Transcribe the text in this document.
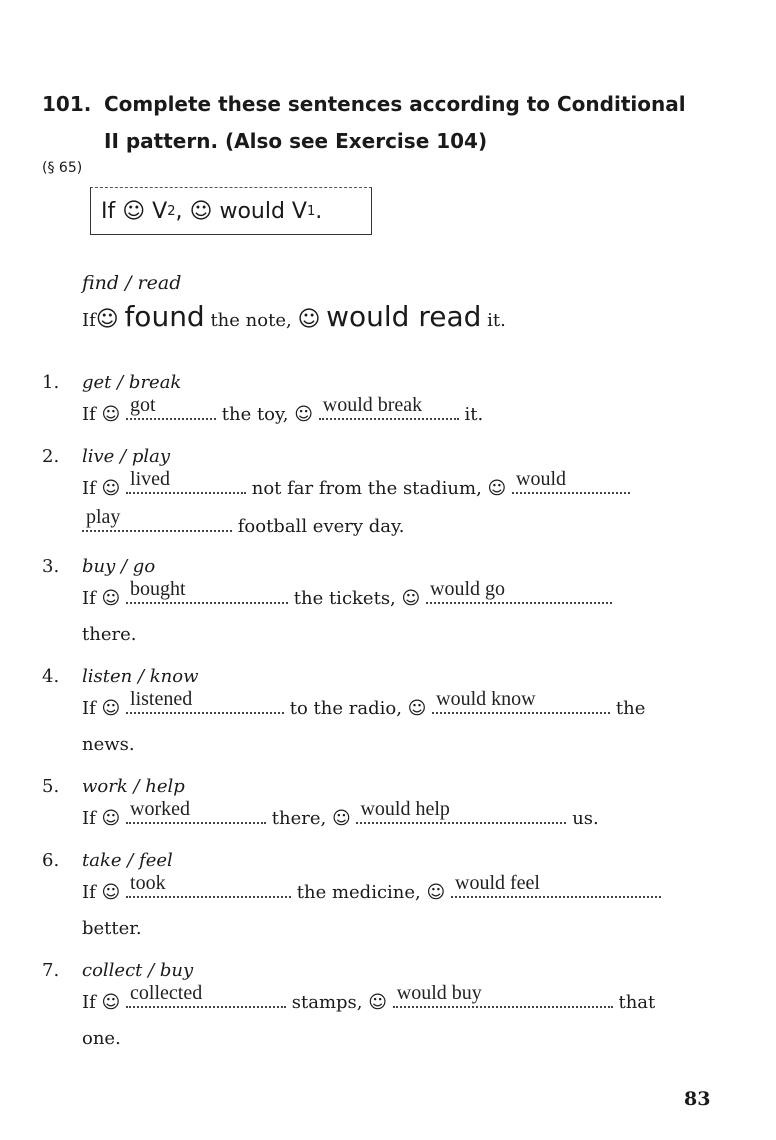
101. Complete these sentences according to Conditional
II pattern. (Also see Exercise 104)
(§ 65)
If
☺
V 2 ,
☺
would V 1 .
find / read
If☺ found the note, ☺ would read it.
1. get / break
If ☺ got	the toy, ☺ would break it.
2. live / play
If ☺ lived	not far from the stadium, ☺ would
play	football every day.
3. buy / go
If ☺ bought	the tickets, ☺ would go
there.
4. listen / know
If ☺ listened	to the radio, ☺ would know	the
news.
5. work / help
If ☺ worked	there, ☺ would help	us.
6. take / feel
If ☺ took	the medicine, ☺ would feel
better.
7. collect / buy
If ☺ collected	stamps, ☺ would buy	that
one.
83
